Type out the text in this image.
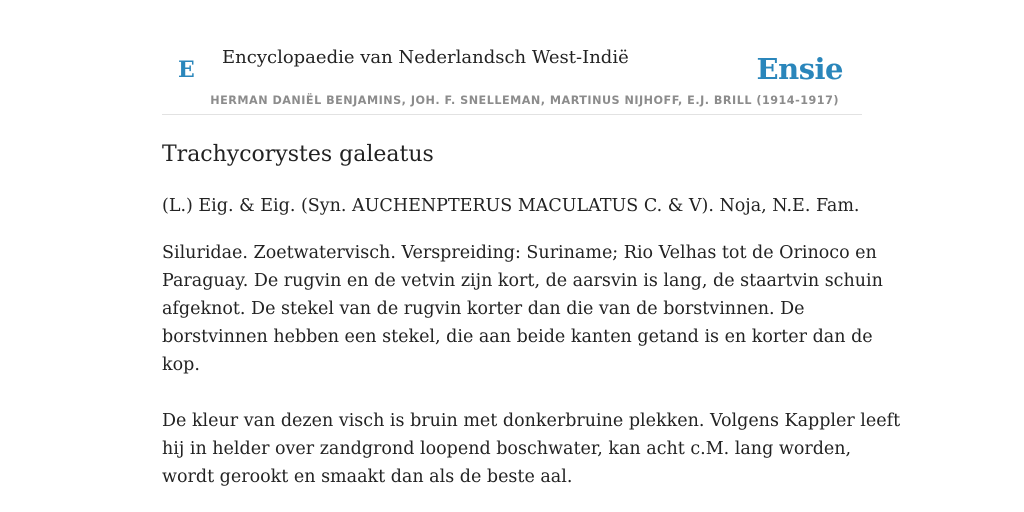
E Encyclopaedie van Nederlandsch West-Indië	Ensie
HERMAN DANIËL BENJAMINS, JOH. F. SNELLEMAN, MARTINUS NIJHOFF, E.J. BRILL (1914-1917)
Trachycorystes galeatus

(L.) Eig. & Eig. (Syn. AUCHENPTERUS MACULATUS C. & V). Noja, N.E. Fam.

Siluridae. Zoetwatervisch. Verspreiding: Suriname; Rio Velhas tot de Orinoco en
Paraguay. De rugvin en de vetvin zijn kort, de aarsvin is lang, de staartvin schuin
afgeknot. De stekel van de rugvin korter dan die van de borstvinnen. De
borstvinnen hebben een stekel, die aan beide kanten getand is en korter dan de
kop.

De kleur van dezen visch is bruin met donkerbruine plekken. Volgens Kappler leeft
hij in helder over zandgrond loopend boschwater, kan acht c.M. lang worden,
wordt gerookt en smaakt dan als de beste aal.
